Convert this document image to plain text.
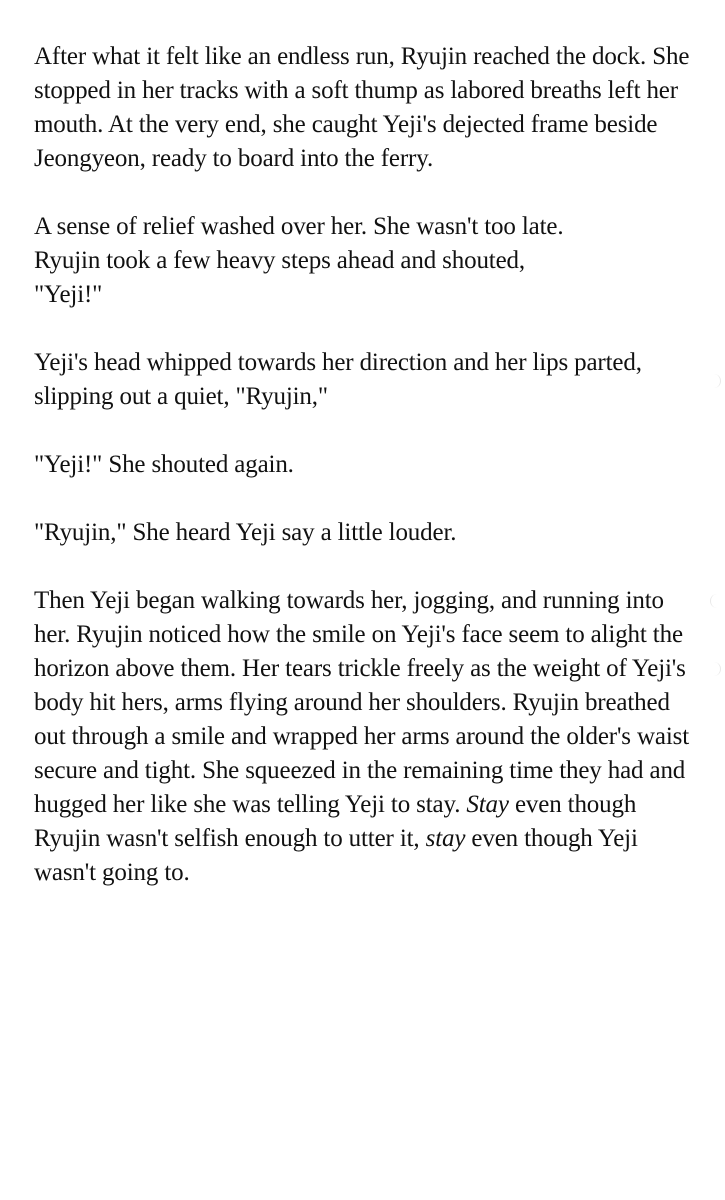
After what it felt like an endless run, Ryujin reached the dock. She stopped in her tracks with a soft thump as labored breaths left her mouth. At the very end, she caught Yeji's dejected frame beside Jeongyeon, ready to board into the ferry.

A sense of relief washed over her. She wasn't too late.
Ryujin took a few heavy steps ahead and shouted,
"Yeji!"

Yeji's head whipped towards her direction and her lips parted, slipping out a quiet, "Ryujin,"

"Yeji!" She shouted again.

"Ryujin," She heard Yeji say a little louder.

Then Yeji began walking towards her, jogging, and running into her. Ryujin noticed how the smile on Yeji's face seem to alight the horizon above them. Her tears trickle freely as the weight of Yeji's body hit hers, arms flying around her shoulders. Ryujin breathed out through a smile and wrapped her arms around the older's waist secure and tight. She squeezed in the remaining time they had and hugged her like she was telling Yeji to stay. Stay even though Ryujin wasn't selfish enough to utter it, stay even though Yeji wasn't going to.
